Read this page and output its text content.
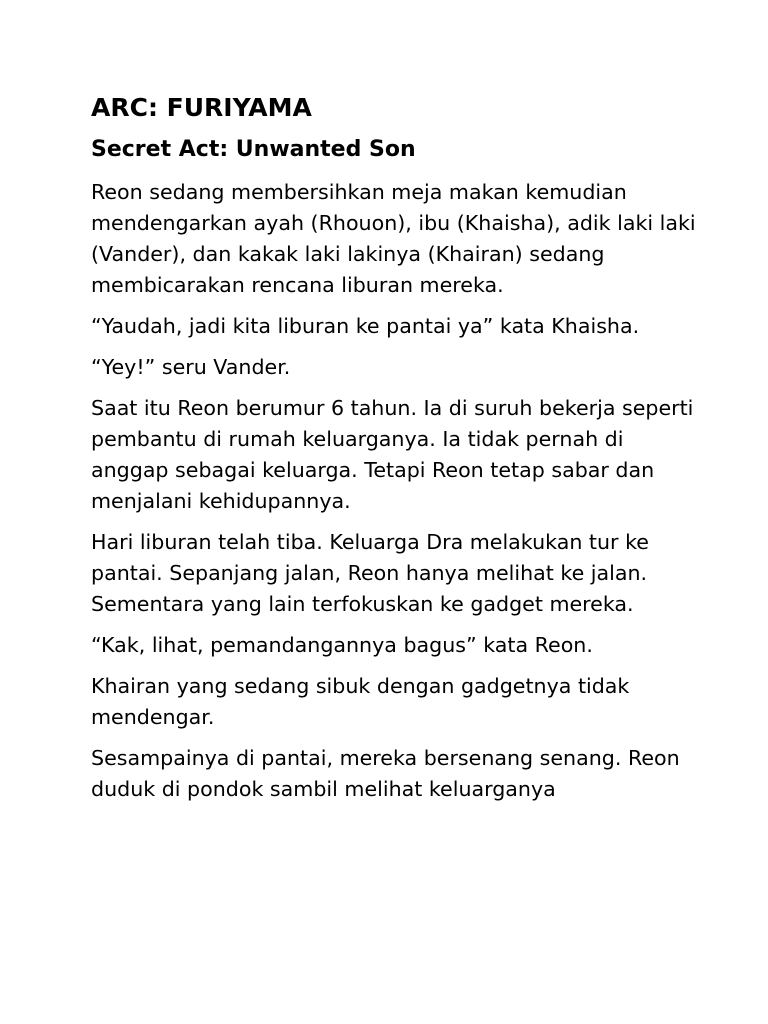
ARC: FURIYAMA
Secret Act: Unwanted Son

Reon sedang membersihkan meja makan kemudian mendengarkan ayah (Rhouon), ibu (Khaisha), adik laki laki (Vander), dan kakak laki lakinya (Khairan) sedang membicarakan rencana liburan mereka.

“Yaudah, jadi kita liburan ke pantai ya” kata Khaisha.

“Yey!” seru Vander.

Saat itu Reon berumur 6 tahun. Ia di suruh bekerja seperti pembantu di rumah keluarganya. Ia tidak pernah di anggap sebagai keluarga. Tetapi Reon tetap sabar dan menjalani kehidupannya.

Hari liburan telah tiba. Keluarga Dra melakukan tur ke pantai. Sepanjang jalan, Reon hanya melihat ke jalan. Sementara yang lain terfokuskan ke gadget mereka.

“Kak, lihat, pemandangannya bagus” kata Reon.

Khairan yang sedang sibuk dengan gadgetnya tidak mendengar.

Sesampainya di pantai, mereka bersenang senang. Reon duduk di pondok sambil melihat keluarganya
